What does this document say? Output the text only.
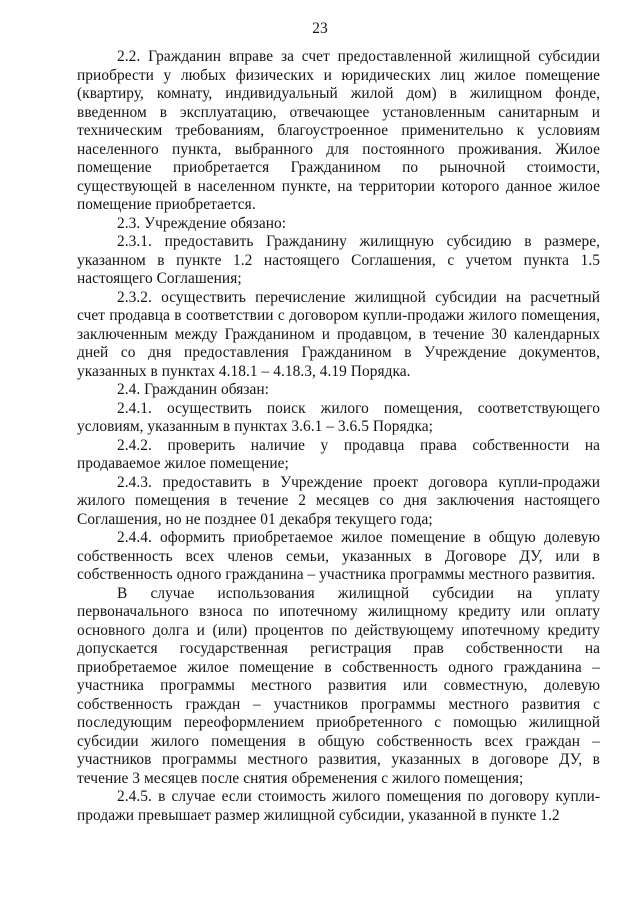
23

2.2. Гражданин вправе за счет предоставленной жилищной субсидии приобрести у любых физических и юридических лиц жилое помещение (квартиру, комнату, индивидуальный жилой дом) в жилищном фонде, введенном в эксплуатацию, отвечающее установленным санитарным и техническим требованиям, благоустроенное применительно к условиям населенного пункта, выбранного для постоянного проживания. Жилое помещение приобретается Гражданином по рыночной стоимости, существующей в населенном пункте, на территории которого данное жилое помещение приобретается.

2.3. Учреждение обязано:

2.3.1. предоставить Гражданину жилищную субсидию в размере, указанном в пункте 1.2 настоящего Соглашения, с учетом пункта 1.5 настоящего Соглашения;

2.3.2. осуществить перечисление жилищной субсидии на расчетный счет продавца в соответствии с договором купли-продажи жилого помещения, заключенным между Гражданином и продавцом, в течение 30 календарных дней со дня предоставления Гражданином в Учреждение документов, указанных в пунктах 4.18.1 – 4.18.3, 4.19 Порядка.

2.4. Гражданин обязан:

2.4.1. осуществить поиск жилого помещения, соответствующего условиям, указанным в пунктах 3.6.1 – 3.6.5 Порядка;

2.4.2. проверить наличие у продавца права собственности на продаваемое жилое помещение;

2.4.3. предоставить в Учреждение проект договора купли-продажи жилого помещения в течение 2 месяцев со дня заключения настоящего Соглашения, но не позднее 01 декабря текущего года;

2.4.4. оформить приобретаемое жилое помещение в общую долевую собственность всех членов семьи, указанных в Договоре ДУ, или в собственность одного гражданина – участника программы местного развития.

В случае использования жилищной субсидии на уплату первоначального взноса по ипотечному жилищному кредиту или оплату основного долга и (или) процентов по действующему ипотечному кредиту допускается государственная регистрация прав собственности на приобретаемое жилое помещение в собственность одного гражданина – участника программы местного развития или совместную, долевую собственность граждан – участников программы местного развития с последующим переоформлением приобретенного с помощью жилищной субсидии жилого помещения в общую собственность всех граждан – участников программы местного развития, указанных в договоре ДУ, в течение 3 месяцев после снятия обременения с жилого помещения;

2.4.5. в случае если стоимость жилого помещения по договору купли-продажи превышает размер жилищной субсидии, указанной в пункте 1.2
